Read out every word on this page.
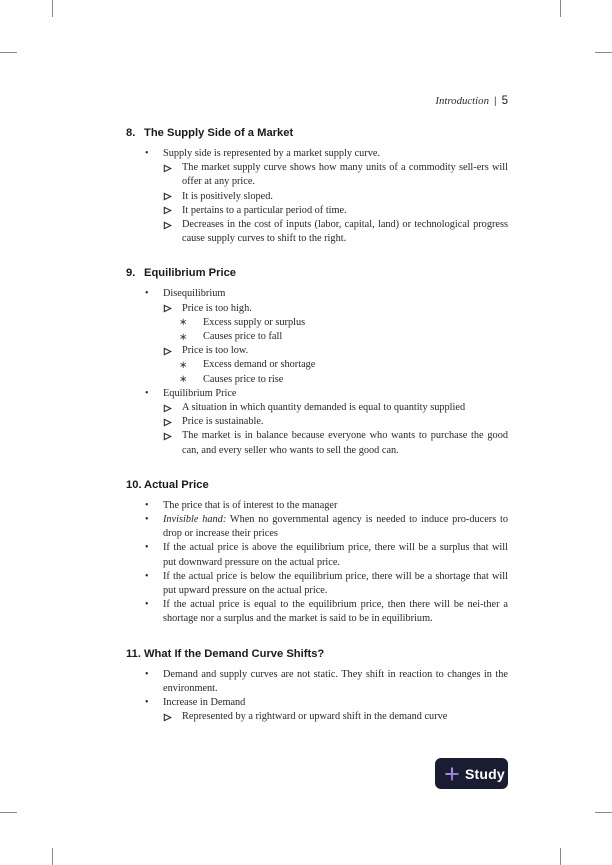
Introduction | 5
8. The Supply Side of a Market
• Supply side is represented by a market supply curve.
The market supply curve shows how many units of a commodity sell-ers will offer at any price.
It is positively sloped.
It pertains to a particular period of time.
Decreases in the cost of inputs (labor, capital, land) or technological progress cause supply curves to shift to the right.
9. Equilibrium Price
• Disequilibrium
Price is too high.
∗ Excess supply or surplus
∗ Causes price to fall
Price is too low.
∗ Excess demand or shortage
∗ Causes price to rise
• Equilibrium Price
A situation in which quantity demanded is equal to quantity supplied
Price is sustainable.
The market is in balance because everyone who wants to purchase the good can, and every seller who wants to sell the good can.
10. Actual Price
• The price that is of interest to the manager
• Invisible hand: When no governmental agency is needed to induce pro-ducers to drop or increase their prices
• If the actual price is above the equilibrium price, there will be a surplus that will put downward pressure on the actual price.
• If the actual price is below the equilibrium price, there will be a shortage that will put upward pressure on the actual price.
• If the actual price is equal to the equilibrium price, then there will be nei-ther a shortage nor a surplus and the market is said to be in equilibrium.
11. What If the Demand Curve Shifts?
• Demand and supply curves are not static. They shift in reaction to changes in the environment.
• Increase in Demand
Represented by a rightward or upward shift in the demand curve
Study
